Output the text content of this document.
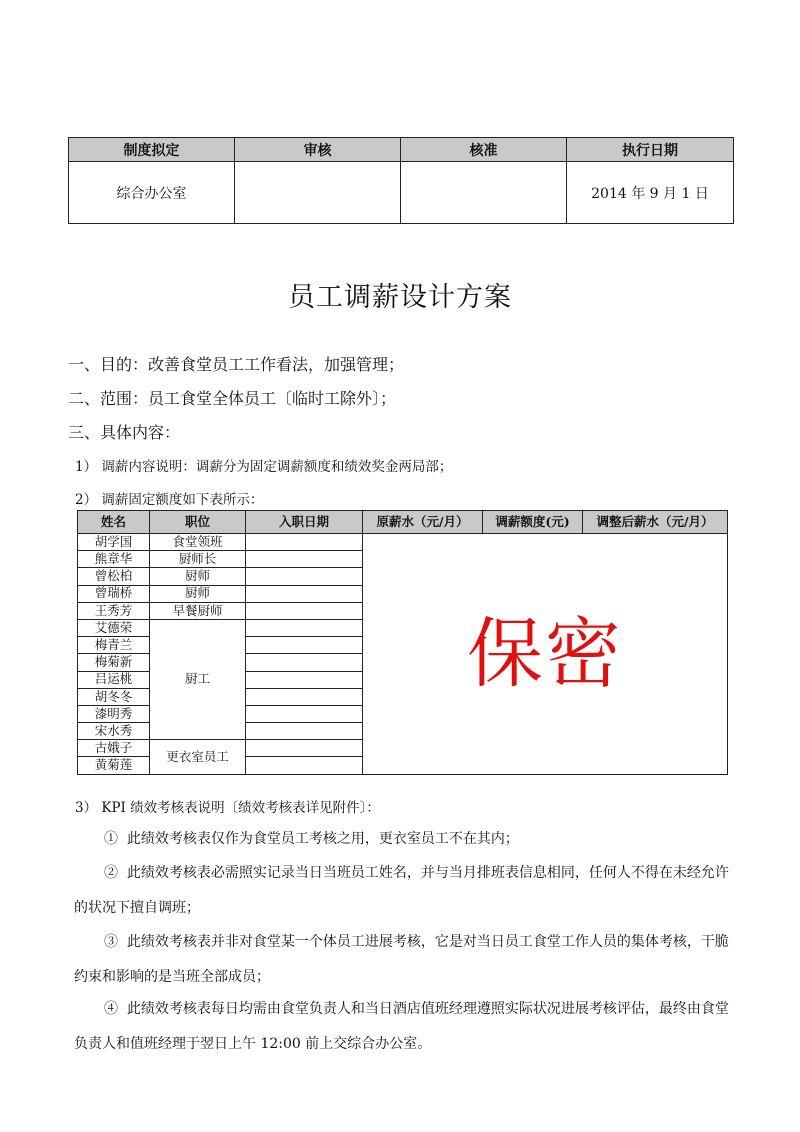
制度拟定	审核	核准	执行日期
综合办公室			2014 年 9 月 1 日
员工调薪设计方案
一、目的：改善食堂员工工作看法，加强管理；
二、范围：员工食堂全体员工〔临时工除外〕；
三、具体内容：
1） 调薪内容说明：调薪分为固定调薪额度和绩效奖金两局部；
2） 调薪固定额度如下表所示：
姓名	职位	入职日期	原薪水（元/月）	调薪额度(元)	调整后薪水（元/月）
胡学国	食堂领班		保密		
熊章华	厨师长				
曾松柏	厨师				
曾瑞桥	厨师				
王秀芳	早餐厨师				
艾德荣	厨工				
梅青兰					
梅菊新					
吕运桃					
胡冬冬					
漆明秀					
宋水秀					
古娥子	更衣室员工				
黄菊莲					
3） KPI 绩效考核表说明〔绩效考核表详见附件〕：
① 此绩效考核表仅作为食堂员工考核之用，更衣室员工不在其内；
② 此绩效考核表必需照实记录当日当班员工姓名，并与当月排班表信息相同，任何人不得在未经允许的状况下擅自调班；
③ 此绩效考核表并非对食堂某一个体员工进展考核，它是对当日员工食堂工作人员的集体考核，干脆约束和影响的是当班全部成员；
④ 此绩效考核表每日均需由食堂负责人和当日酒店值班经理遵照实际状况进展考核评估，最终由食堂负责人和值班经理于翌日上午 12:00 前上交综合办公室。
